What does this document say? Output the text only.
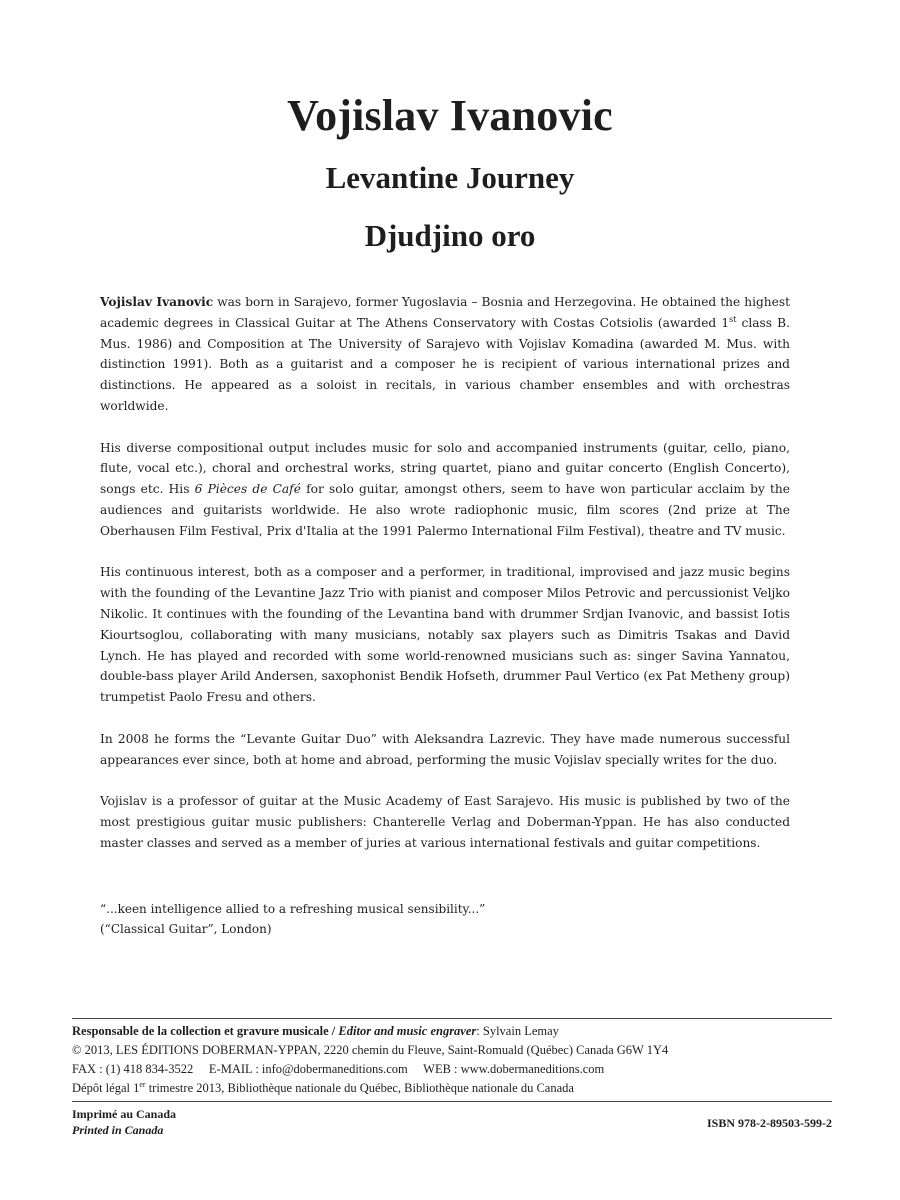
Vojislav Ivanovic
Levantine Journey
Djudjino oro

Vojislav Ivanovic was born in Sarajevo, former Yugoslavia – Bosnia and Herzegovina. He obtained the highest academic degrees in Classical Guitar at The Athens Conservatory with Costas Cotsiolis (awarded 1st class B. Mus. 1986) and Composition at The University of Sarajevo with Vojislav Komadina (awarded M. Mus. with distinction 1991). Both as a guitarist and a composer he is recipient of various international prizes and distinctions. He appeared as a soloist in recitals, in various chamber ensembles and with orchestras worldwide.

His diverse compositional output includes music for solo and accompanied instruments (guitar, cello, piano, flute, vocal etc.), choral and orchestral works, string quartet, piano and guitar concerto (English Concerto), songs etc. His 6 Pièces de Café for solo guitar, amongst others, seem to have won particular acclaim by the audiences and guitarists worldwide. He also wrote radiophonic music, film scores (2nd prize at The Oberhausen Film Festival, Prix d'Italia at the 1991 Palermo International Film Festival), theatre and TV music.

His continuous interest, both as a composer and a performer, in traditional, improvised and jazz music begins with the founding of the Levantine Jazz Trio with pianist and composer Milos Petrovic and percussionist Veljko Nikolic. It continues with the founding of the Levantina band with drummer Srdjan Ivanovic, and bassist Iotis Kiourtsoglou, collaborating with many musicians, notably sax players such as Dimitris Tsakas and David Lynch. He has played and recorded with some world-renowned musicians such as: singer Savina Yannatou, double-bass player Arild Andersen, saxophonist Bendik Hofseth, drummer Paul Vertico (ex Pat Metheny group) trumpetist Paolo Fresu and others.

In 2008 he forms the “Levante Guitar Duo” with Aleksandra Lazrevic. They have made numerous successful appearances ever since, both at home and abroad, performing the music Vojislav specially writes for the duo.

Vojislav is a professor of guitar at the Music Academy of East Sarajevo. His music is published by two of the most prestigious guitar music publishers: Chanterelle Verlag and Doberman-Yppan. He has also conducted master classes and served as a member of juries at various international festivals and guitar competitions.

“...keen intelligence allied to a refreshing musical sensibility...”
(“Classical Guitar”, London)
Responsable de la collection et gravure musicale / Editor and music engraver: Sylvain Lemay
© 2013, LES ÉDITIONS DOBERMAN-YPPAN, 2220 chemin du Fleuve, Saint-Romuald (Québec) Canada G6W 1Y4
FAX : (1) 418 834-3522     E-MAIL : info@dobermaneditions.com     WEB : www.dobermaneditions.com
Dépôt légal 1er trimestre 2013, Bibliothèque nationale du Québec, Bibliothèque nationale du Canada
Imprimé au Canada
Printed in Canada	ISBN 978-2-89503-599-2
